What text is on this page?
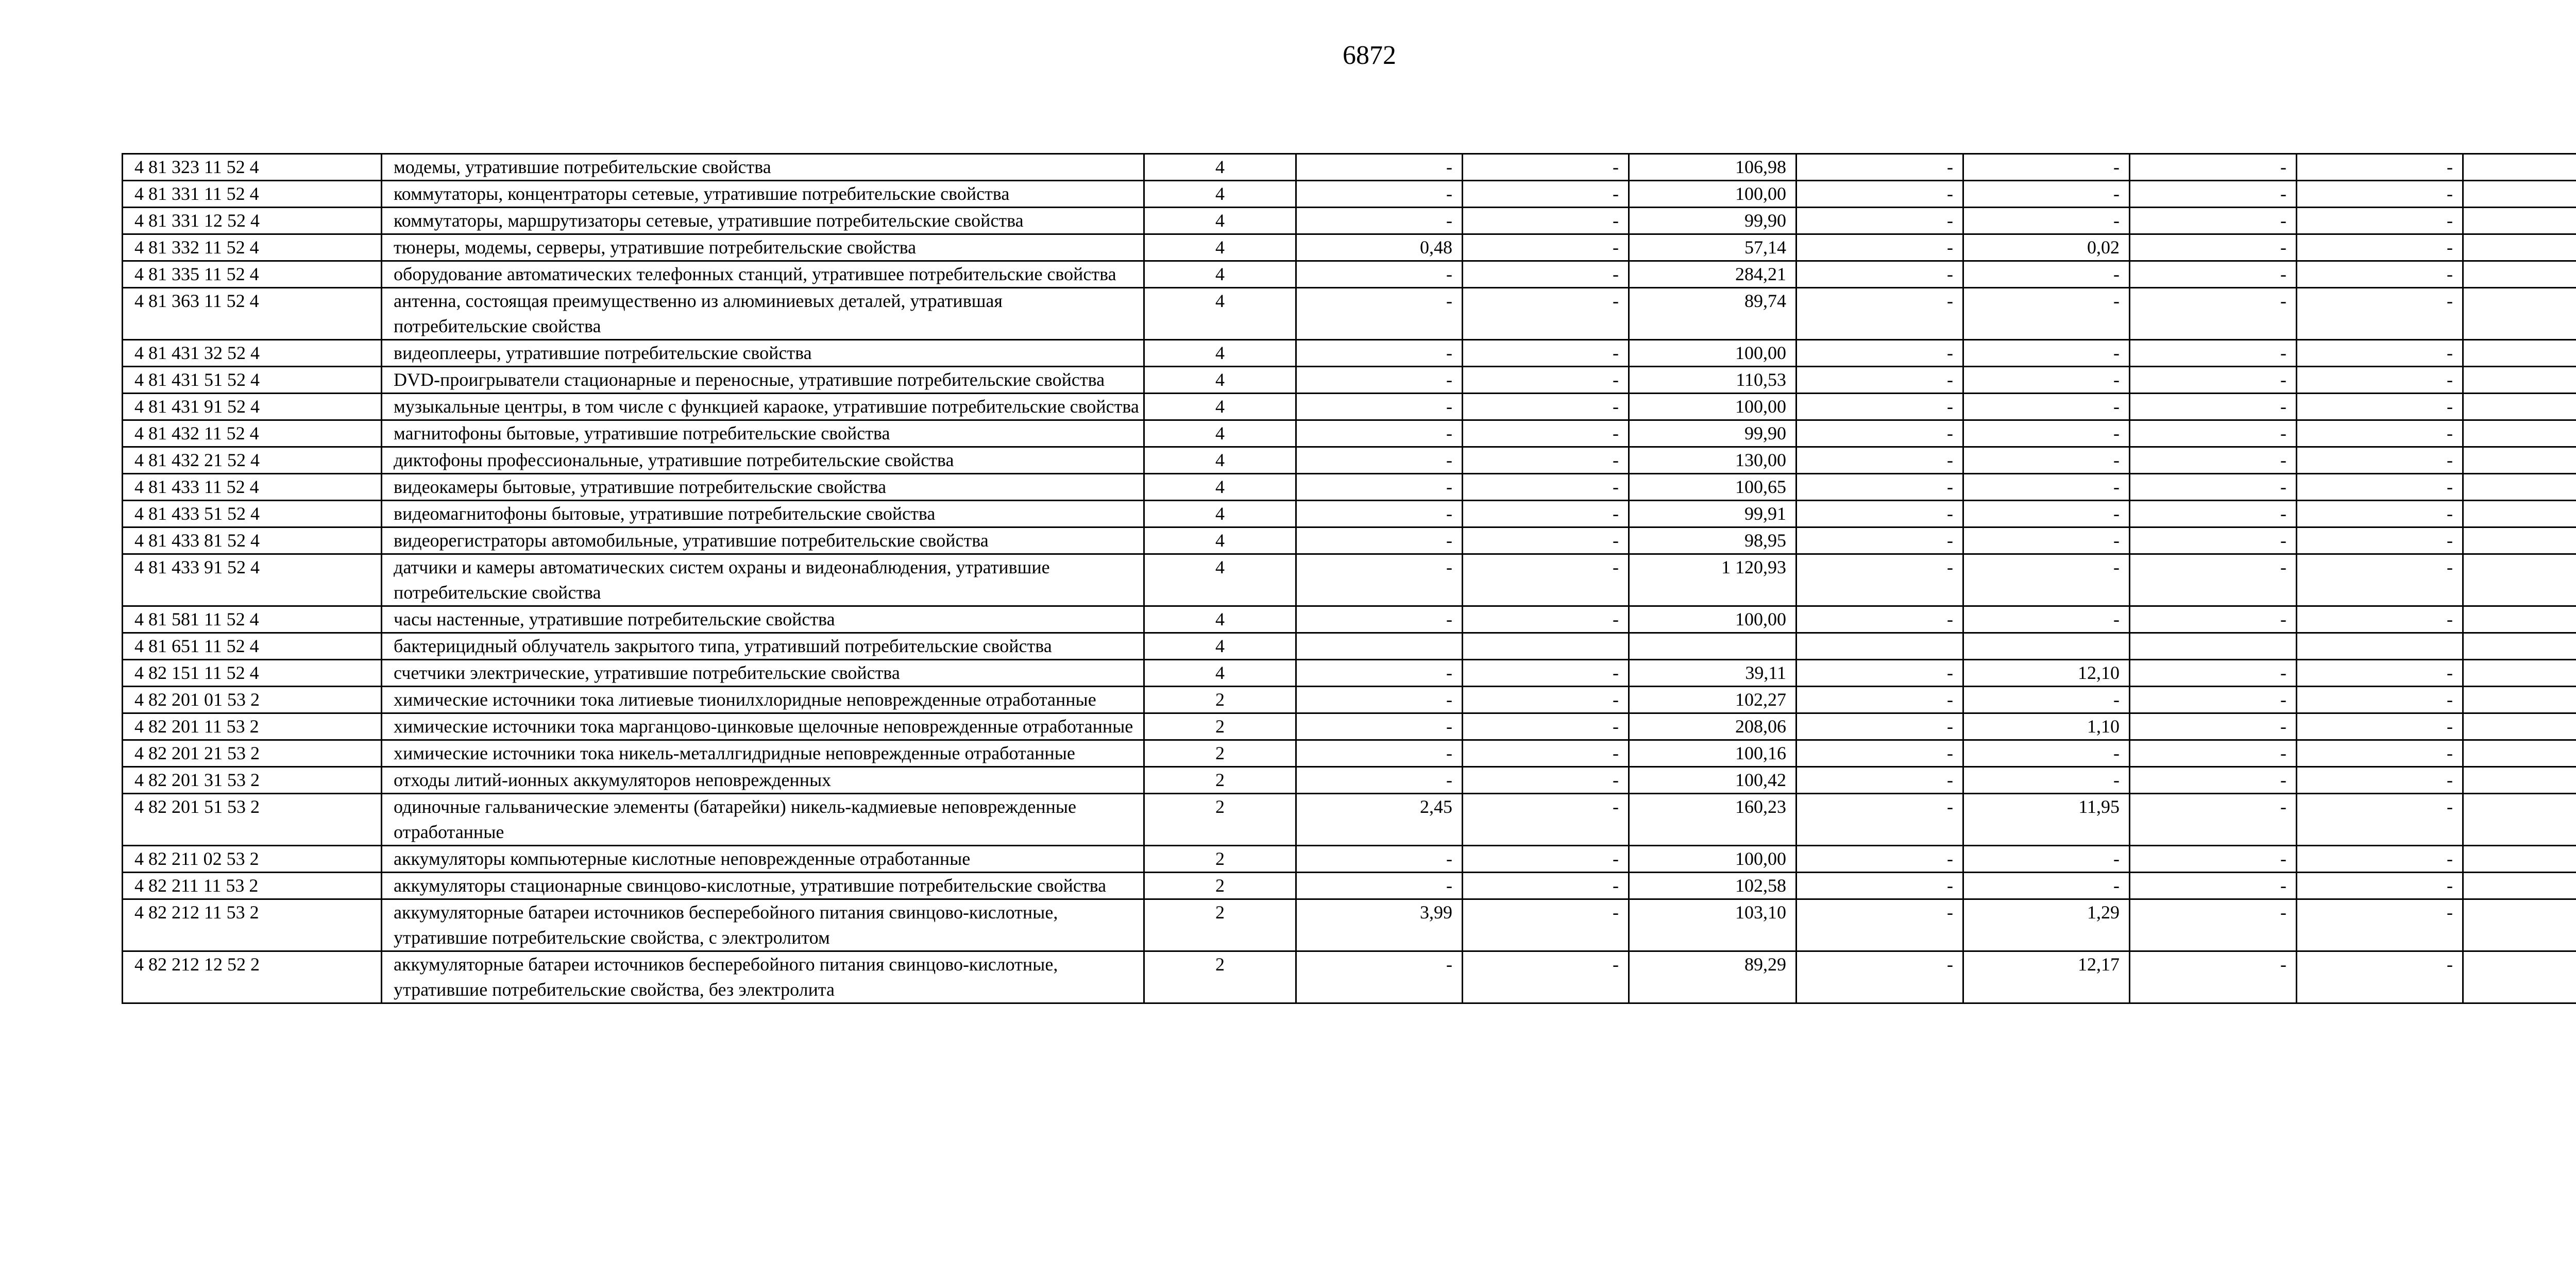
6872
4 81 323 11 52 4	модемы, утратившие потребительские свойства	4	-	-	106,98	-	-	-	-	
4 81 331 11 52 4	коммутаторы, концентраторы сетевые, утратившие потребительские свойства	4	-	-	100,00	-	-	-	-	
4 81 331 12 52 4	коммутаторы, маршрутизаторы сетевые, утратившие потребительские свойства	4	-	-	99,90	-	-	-	-	
4 81 332 11 52 4	тюнеры, модемы, серверы, утратившие потребительские свойства	4	0,48	-	57,14	-	0,02	-	-	
4 81 335 11 52 4	оборудование автоматических телефонных станций, утратившее потребительские свойства	4	-	-	284,21	-	-	-	-	
4 81 363 11 52 4	антенна, состоящая преимущественно из алюминиевых деталей, утратившая потребительские свойства	4	-	-	89,74	-	-	-	-	
4 81 431 32 52 4	видеоплееры, утратившие потребительские свойства	4	-	-	100,00	-	-	-	-	
4 81 431 51 52 4	DVD-проигрыватели стационарные и переносные, утратившие потребительские свойства	4	-	-	110,53	-	-	-	-	
4 81 431 91 52 4	музыкальные центры, в том числе с функцией караоке, утратившие потребительские свойства	4	-	-	100,00	-	-	-	-	
4 81 432 11 52 4	магнитофоны бытовые, утратившие потребительские свойства	4	-	-	99,90	-	-	-	-	
4 81 432 21 52 4	диктофоны профессиональные, утратившие потребительские свойства	4	-	-	130,00	-	-	-	-	
4 81 433 11 52 4	видеокамеры бытовые, утратившие потребительские свойства	4	-	-	100,65	-	-	-	-	
4 81 433 51 52 4	видеомагнитофоны бытовые, утратившие потребительские свойства	4	-	-	99,91	-	-	-	-	
4 81 433 81 52 4	видеорегистраторы автомобильные, утратившие потребительские свойства	4	-	-	98,95	-	-	-	-	
4 81 433 91 52 4	датчики и камеры автоматических систем охраны и видеонаблюдения, утратившие потребительские свойства	4	-	-	1 120,93	-	-	-	-	
4 81 581 11 52 4	часы настенные, утратившие потребительские свойства	4	-	-	100,00	-	-	-	-	
4 81 651 11 52 4	бактерицидный облучатель закрытого типа, утративший потребительские свойства	4								
4 82 151 11 52 4	счетчики электрические, утратившие потребительские свойства	4	-	-	39,11	-	12,10	-	-	
4 82 201 01 53 2	химические источники тока литиевые тионилхлоридные неповрежденные отработанные	2	-	-	102,27	-	-	-	-	
4 82 201 11 53 2	химические источники тока марганцово-цинковые щелочные неповрежденные отработанные	2	-	-	208,06	-	1,10	-	-	
4 82 201 21 53 2	химические источники тока никель-металлгидридные неповрежденные отработанные	2	-	-	100,16	-	-	-	-	
4 82 201 31 53 2	отходы литий-ионных аккумуляторов неповрежденных	2	-	-	100,42	-	-	-	-	
4 82 201 51 53 2	одиночные гальванические элементы (батарейки) никель-кадмиевые неповрежденные отработанные	2	2,45	-	160,23	-	11,95	-	-	
4 82 211 02 53 2	аккумуляторы компьютерные кислотные неповрежденные отработанные	2	-	-	100,00	-	-	-	-	
4 82 211 11 53 2	аккумуляторы стационарные свинцово-кислотные, утратившие потребительские свойства	2	-	-	102,58	-	-	-	-	
4 82 212 11 53 2	аккумуляторные батареи источников бесперебойного питания свинцово-кислотные, утратившие потребительские свойства, с электролитом	2	3,99	-	103,10	-	1,29	-	-	
4 82 212 12 52 2	аккумуляторные батареи источников бесперебойного питания свинцово-кислотные, утратившие потребительские свойства, без электролита	2	-	-	89,29	-	12,17	-	-	
